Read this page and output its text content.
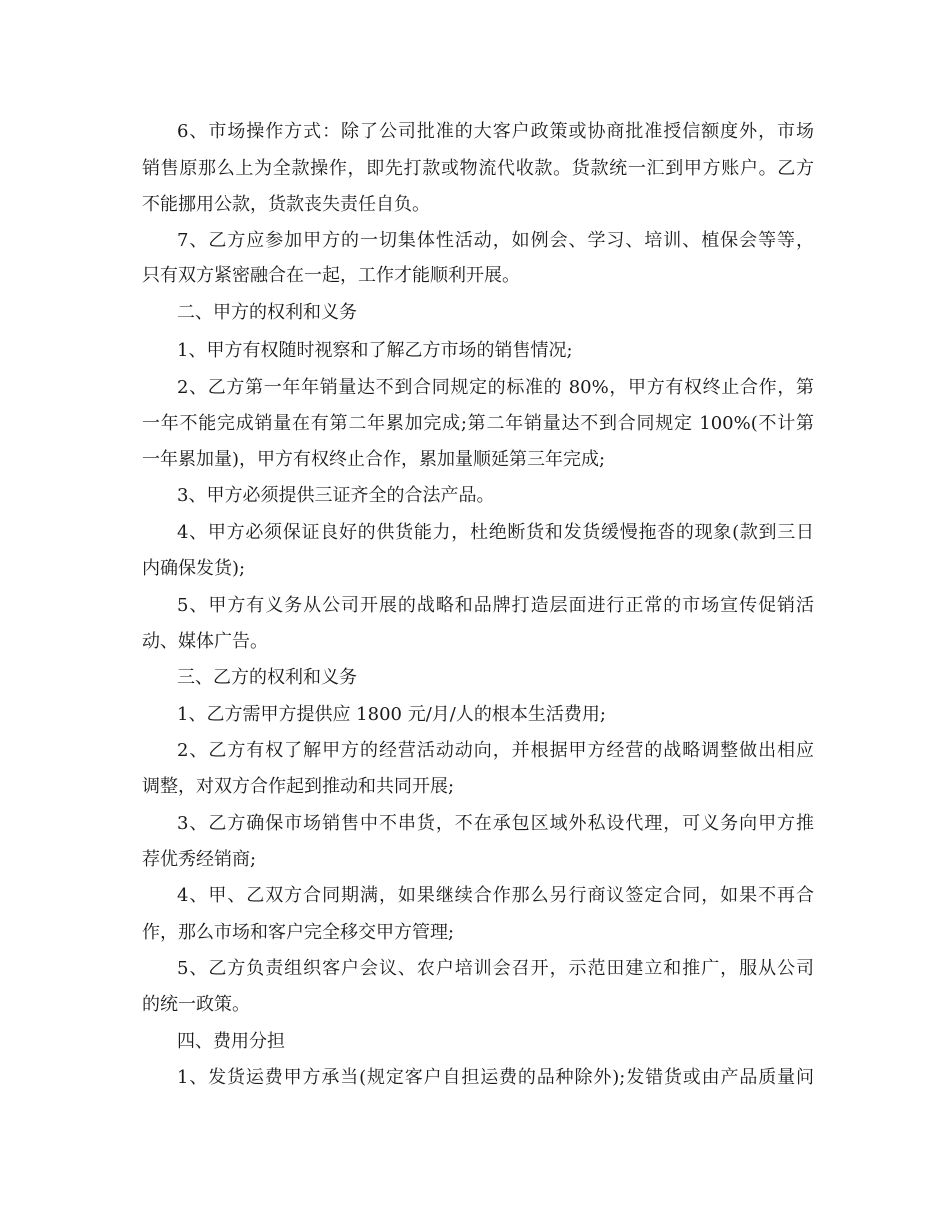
6、市场操作方式：除了公司批准的大客户政策或协商批准授信额度外，市场
销售原那么上为全款操作，即先打款或物流代收款。货款统一汇到甲方账户。乙方
不能挪用公款，货款丧失责任自负。
7、乙方应参加甲方的一切集体性活动，如例会、学习、培训、植保会等等，
只有双方紧密融合在一起，工作才能顺利开展。
二、甲方的权利和义务
1、甲方有权随时视察和了解乙方市场的销售情况;
2、乙方第一年年销量达不到合同规定的标准的 80%，甲方有权终止合作，第
一年不能完成销量在有第二年累加完成;第二年销量达不到合同规定 100%(不计第
一年累加量)，甲方有权终止合作，累加量顺延第三年完成;
3、甲方必须提供三证齐全的合法产品。
4、甲方必须保证良好的供货能力，杜绝断货和发货缓慢拖沓的现象(款到三日
内确保发货);
5、甲方有义务从公司开展的战略和品牌打造层面进行正常的市场宣传促销活
动、媒体广告。
三、乙方的权利和义务
1、乙方需甲方提供应 1800 元/月/人的根本生活费用;
2、乙方有权了解甲方的经营活动动向，并根据甲方经营的战略调整做出相应
调整，对双方合作起到推动和共同开展;
3、乙方确保市场销售中不串货，不在承包区域外私设代理，可义务向甲方推
荐优秀经销商;
4、甲、乙双方合同期满，如果继续合作那么另行商议签定合同，如果不再合
作，那么市场和客户完全移交甲方管理;
5、乙方负责组织客户会议、农户培训会召开，示范田建立和推广，服从公司
的统一政策。
四、费用分担
1、发货运费甲方承当(规定客户自担运费的品种除外);发错货或由产品质量问
